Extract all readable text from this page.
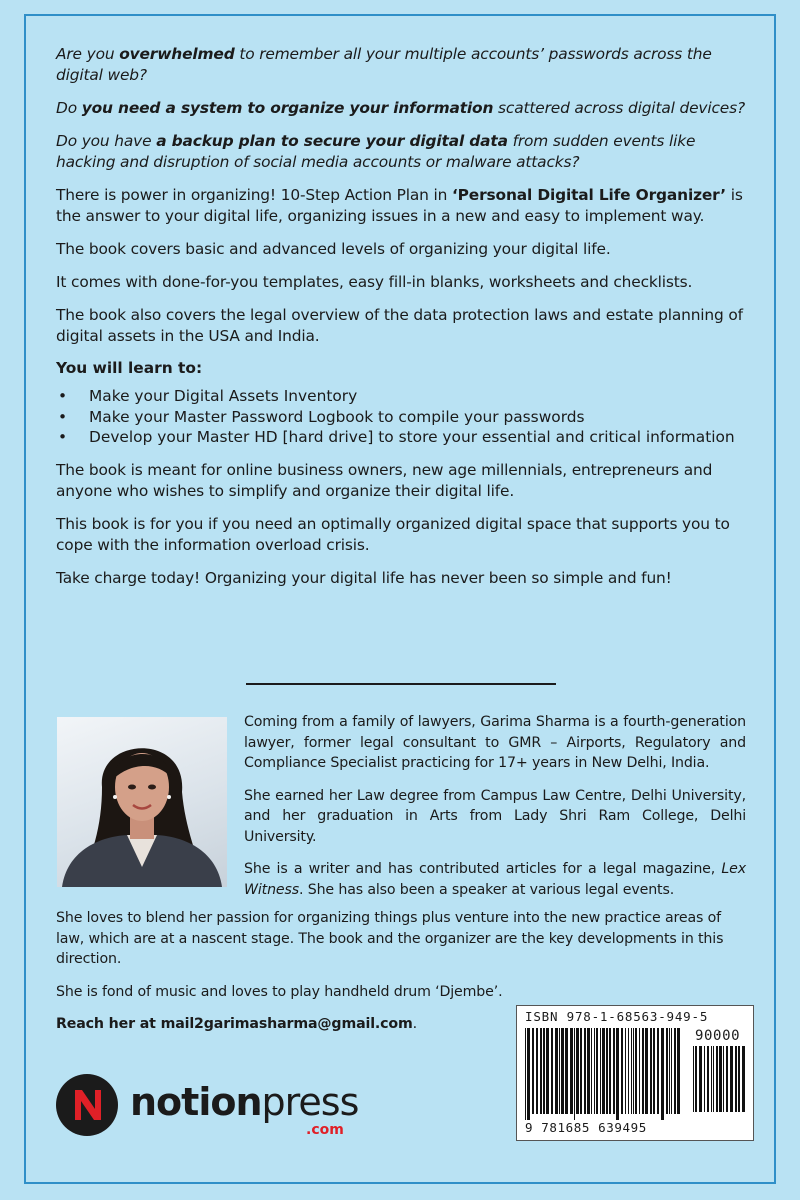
Are you overwhelmed to remember all your multiple accounts’ passwords across the digital web?

Do you need a system to organize your information scattered across digital devices?

Do you have a backup plan to secure your digital data from sudden events like hacking and disruption of social media accounts or malware attacks?

There is power in organizing! 10-Step Action Plan in ‘Personal Digital Life Organizer’ is the answer to your digital life, organizing issues in a new and easy to implement way.

The book covers basic and advanced levels of organizing your digital life.

It comes with done-for-you templates, easy fill-in blanks, worksheets and checklists.

The book also covers the legal overview of the data protection laws and estate planning of digital assets in the USA and India.

You will learn to:

• Make your Digital Assets Inventory
• Make your Master Password Logbook to compile your passwords
• Develop your Master HD [hard drive] to store your essential and critical information

The book is meant for online business owners, new age millennials, entrepreneurs and anyone who wishes to simplify and organize their digital life.

This book is for you if you need an optimally organized digital space that supports you to cope with the information overload crisis.

Take charge today! Organizing your digital life has never been so simple and fun!

Coming from a family of lawyers, Garima Sharma is a fourth-generation lawyer, former legal consultant to GMR – Airports, Regulatory and Compliance Specialist practicing for 17+ years in New Delhi, India.

She earned her Law degree from Campus Law Centre, Delhi University, and her graduation in Arts from Lady Shri Ram College, Delhi University.

She is a writer and has contributed articles for a legal magazine, Lex Witness. She has also been a speaker at various legal events.

She loves to blend her passion for organizing things plus venture into the new practice areas of law, which are at a nascent stage. The book and the organizer are the key developments in this direction.

She is fond of music and loves to play handheld drum ‘Djembe’.

Reach her at mail2garimasharma@gmail.com.	ISBN 978-1-68563-949-5
90000
9 781685 639495
notionpress
.com
